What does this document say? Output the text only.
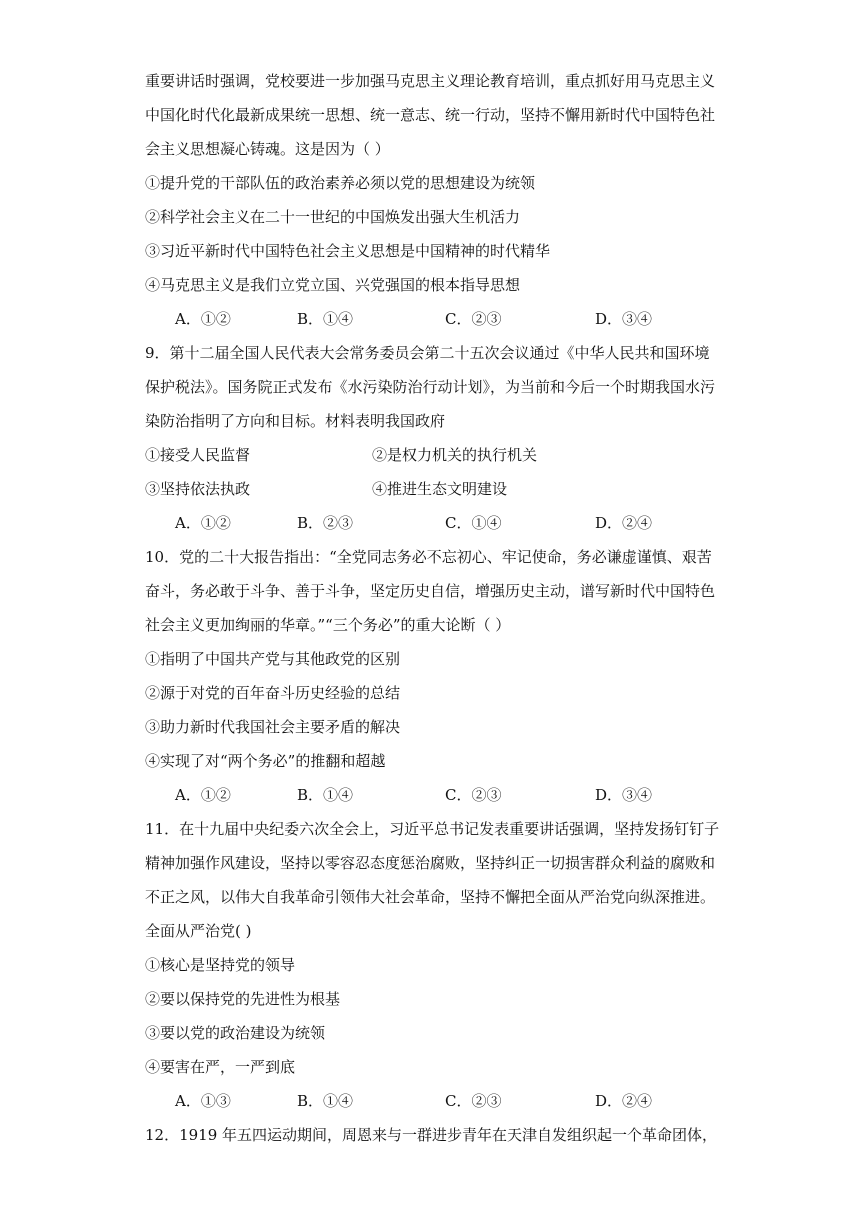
重要讲话时强调，党校要进一步加强马克思主义理论教育培训，重点抓好用马克思主义
中国化时代化最新成果统一思想、统一意志、统一行动，坚持不懈用新时代中国特色社
会主义思想凝心铸魂。这是因为（ ）
①提升党的干部队伍的政治素养必须以党的思想建设为统领
②科学社会主义在二十一世纪的中国焕发出强大生机活力
③习近平新时代中国特色社会主义思想是中国精神的时代精华
④马克思主义是我们立党立国、兴党强国的根本指导思想
A．①②	B．①④	C．②③	D．③④
9．第十二届全国人民代表大会常务委员会第二十五次会议通过《中华人民共和国环境
保护税法》。国务院正式发布《水污染防治行动计划》，为当前和今后一个时期我国水污
染防治指明了方向和目标。材料表明我国政府
①接受人民监督	②是权力机关的执行机关
③坚持依法执政	④推进生态文明建设
A．①②	B．②③	C．①④	D．②④
10．党的二十大报告指出：“全党同志务必不忘初心、牢记使命，务必谦虚谨慎、艰苦
奋斗，务必敢于斗争、善于斗争，坚定历史自信，增强历史主动，谱写新时代中国特色
社会主义更加绚丽的华章。”“三个务必”的重大论断（ ）
①指明了中国共产党与其他政党的区别
②源于对党的百年奋斗历史经验的总结
③助力新时代我国社会主要矛盾的解决
④实现了对“两个务必”的推翻和超越
A．①②	B．①④	C．②③	D．③④
11．在十九届中央纪委六次全会上，习近平总书记发表重要讲话强调，坚持发扬钉钉子
精神加强作风建设，坚持以零容忍态度惩治腐败，坚持纠正一切损害群众利益的腐败和
不正之风，以伟大自我革命引领伟大社会革命，坚持不懈把全面从严治党向纵深推进。
全面从严治党( )
①核心是坚持党的领导
②要以保持党的先进性为根基
③要以党的政治建设为统领
④要害在严，一严到底
A．①③	B．①④	C．②③	D．②④
12．1919 年五四运动期间，周恩来与一群进步青年在天津自发组织起一个革命团体，
